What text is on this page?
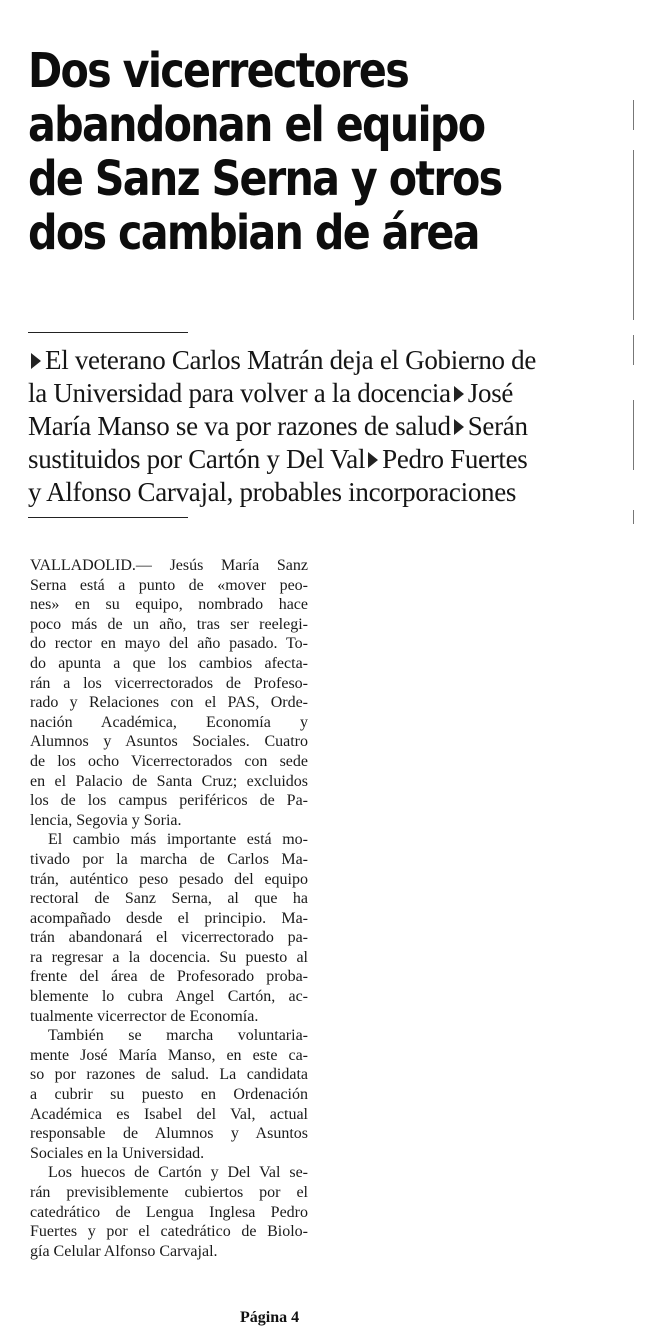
Dos vicerrectores
abandonan el equipo
de Sanz Serna y otros
dos cambian de área
El veterano Carlos Matrán deja el Gobierno de
la Universidad para volver a la docencia José
María Manso se va por razones de salud Serán
sustituidos por Cartón y Del Val Pedro Fuertes
y Alfonso Carvajal, probables incorporaciones
VALLADOLID.— Jesús María Sanz
Serna está a punto de «mover peo-
nes» en su equipo, nombrado hace
poco más de un año, tras ser reelegi-
do rector en mayo del año pasado. To-
do apunta a que los cambios afecta-
rán a los vicerrectorados de Profeso-
rado y Relaciones con el PAS, Orde-
nación Académica, Economía y
Alumnos y Asuntos Sociales. Cuatro
de los ocho Vicerrectorados con sede
en el Palacio de Santa Cruz; excluidos
los de los campus periféricos de Pa-
lencia, Segovia y Soria.
El cambio más importante está mo-
tivado por la marcha de Carlos Ma-
trán, auténtico peso pesado del equipo
rectoral de Sanz Serna, al que ha
acompañado desde el principio. Ma-
trán abandonará el vicerrectorado pa-
ra regresar a la docencia. Su puesto al
frente del área de Profesorado proba-
blemente lo cubra Angel Cartón, ac-
tualmente vicerrector de Economía.
También se marcha voluntaria-
mente José María Manso, en este ca-
so por razones de salud. La candidata
a cubrir su puesto en Ordenación
Académica es Isabel del Val, actual
responsable de Alumnos y Asuntos
Sociales en la Universidad.
Los huecos de Cartón y Del Val se-
rán previsiblemente cubiertos por el
catedrático de Lengua Inglesa Pedro
Fuertes y por el catedrático de Biolo-
gía Celular Alfonso Carvajal.
Página 4
